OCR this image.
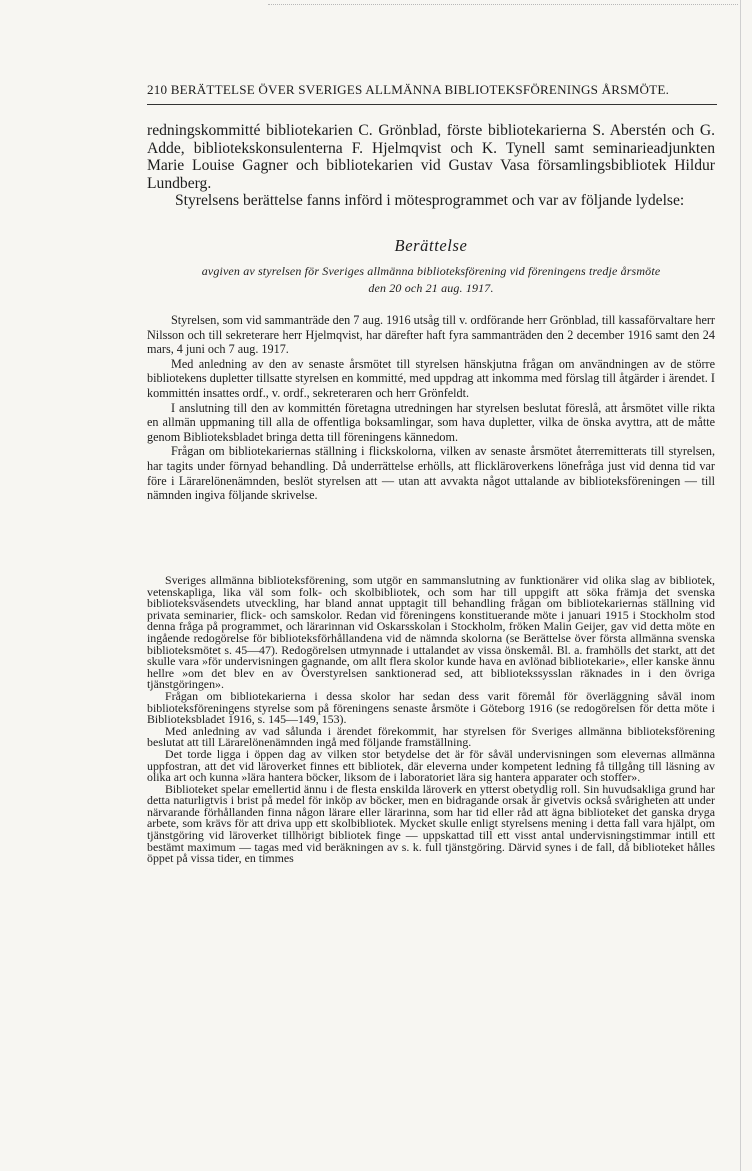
210 BERÄTTELSE ÖVER SVERIGES ALLMÄNNA BIBLIOTEKSFÖRENINGS ÅRSMÖTE.

redningskommitté bibliotekarien C. Grönblad, förste bibliotekarierna S. Aberstén och G. Adde, bibliotekskonsulenterna F. Hjelmqvist och K. Tynell samt seminarieadjunkten Marie Louise Gagner och bibliotekarien vid Gustav Vasa församlingsbibliotek Hildur Lundberg.

Styrelsens berättelse fanns införd i mötesprogrammet och var av följande lydelse:

Berättelse
avgiven av styrelsen för Sveriges allmänna biblioteksförening vid föreningens tredje årsmöte
den 20 och 21 aug. 1917.

Styrelsen, som vid sammanträde den 7 aug. 1916 utsåg till v. ordförande herr Grönblad, till kassaförvaltare herr Nilsson och till sekreterare herr Hjelmqvist, har därefter haft fyra sammanträden den 2 december 1916 samt den 24 mars, 4 juni och 7 aug. 1917.

Med anledning av den av senaste årsmötet till styrelsen hänskjutna frågan om användningen av de större bibliotekens dupletter tillsatte styrelsen en kommitté, med uppdrag att inkomma med förslag till åtgärder i ärendet. I kommittén insattes ordf., v. ordf., sekreteraren och herr Grönfeldt.

I anslutning till den av kommittén företagna utredningen har styrelsen beslutat föreslå, att årsmötet ville rikta en allmän uppmaning till alla de offentliga boksamlingar, som hava dupletter, vilka de önska avyttra, att de måtte genom Biblioteksbladet bringa detta till föreningens kännedom.

Frågan om bibliotekariernas ställning i flickskolorna, vilken av senaste årsmötet återremitterats till styrelsen, har tagits under förnyad behandling. Då underrättelse erhölls, att flickläroverkens lönefråga just vid denna tid var före i Lärarelönenämnden, beslöt styrelsen att — utan att avvakta något uttalande av biblioteksföreningen — till nämnden ingiva följande skrivelse.

Sveriges allmänna biblioteksförening, som utgör en sammanslutning av funktionärer vid olika slag av bibliotek, vetenskapliga, lika väl som folk- och skolbibliotek, och som har till uppgift att söka främja det svenska biblioteksväsendets utveckling, har bland annat upptagit till behandling frågan om bibliotekariernas ställning vid privata seminarier, flick- och samskolor. Redan vid föreningens konstituerande möte i januari 1915 i Stockholm stod denna fråga på programmet, och lärarinnan vid Oskarsskolan i Stockholm, fröken Malin Geijer, gav vid detta möte en ingående redogörelse för biblioteksförhållandena vid de nämnda skolorna (se Berättelse över första allmänna svenska biblioteksmötet s. 45—47). Redogörelsen utmynnade i uttalandet av vissa önskemål. Bl. a. framhölls det starkt, att det skulle vara »för undervisningen gagnande, om allt flera skolor kunde hava en avlönad bibliotekarie», eller kanske ännu hellre »om det blev en av Överstyrelsen sanktionerad sed, att bibliotekssysslan räknades in i den övriga tjänstgöringen».

Frågan om bibliotekarierna i dessa skolor har sedan dess varit föremål för överläggning såväl inom biblioteksföreningens styrelse som på föreningens senaste årsmöte i Göteborg 1916 (se redogörelsen för detta möte i Biblioteksbladet 1916, s. 145—149, 153).

Med anledning av vad sålunda i ärendet förekommit, har styrelsen för Sveriges allmänna biblioteksförening beslutat att till Lärarelönenämnden ingå med följande framställning.

Det torde ligga i öppen dag av vilken stor betydelse det är för såväl undervisningen som elevernas allmänna uppfostran, att det vid läroverket finnes ett bibliotek, där eleverna under kompetent ledning få tillgång till läsning av olika art och kunna »lära hantera böcker, liksom de i laboratoriet lära sig hantera apparater och stoffer».

Biblioteket spelar emellertid ännu i de flesta enskilda läroverk en ytterst obetydlig roll. Sin huvudsakliga grund har detta naturligtvis i brist på medel för inköp av böcker, men en bidragande orsak är givetvis också svårigheten att under närvarande förhållanden finna någon lärare eller lärarinna, som har tid eller råd att ägna biblioteket det ganska dryga arbete, som krävs för att driva upp ett skolbibliotek. Mycket skulle enligt styrelsens mening i detta fall vara hjälpt, om tjänstgöring vid läroverket tillhörigt bibliotek finge — uppskattad till ett visst antal undervisningstimmar intill ett bestämt maximum — tagas med vid beräkningen av s. k. full tjänstgöring. Därvid synes i de fall, då biblioteket hålles öppet på vissa tider, en timmes
